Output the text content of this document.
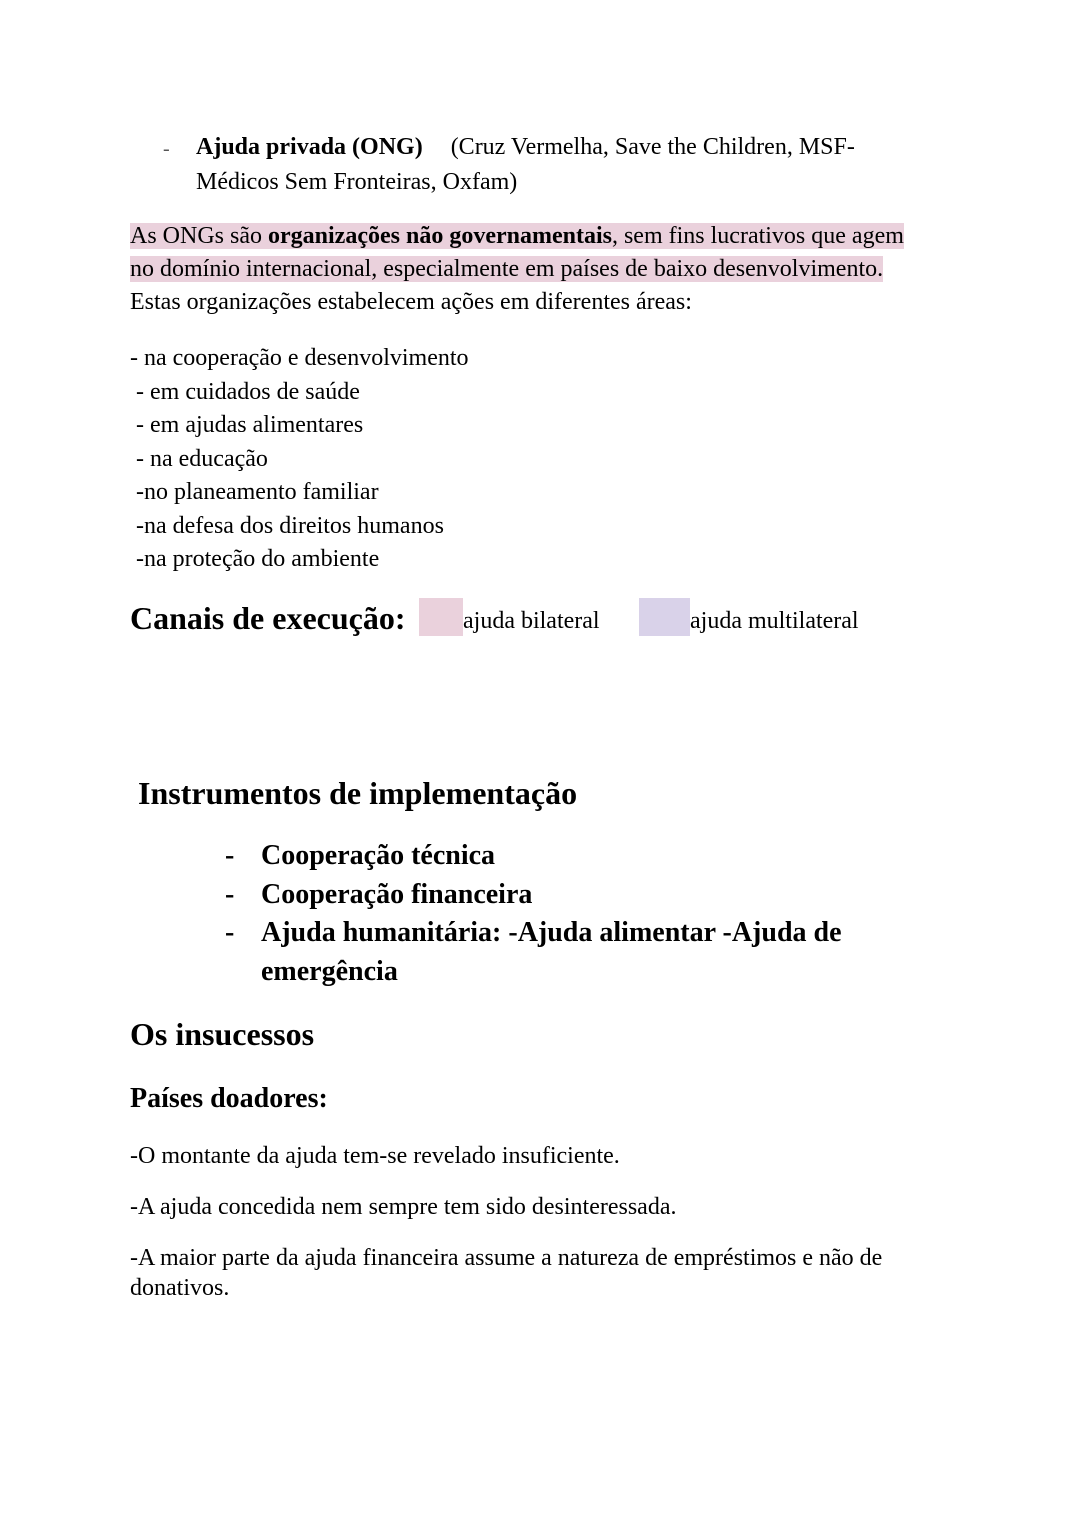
- Ajuda privada (ONG) (Cruz Vermelha, Save the Children, MSF-
Médicos Sem Fronteiras, Oxfam)
As ONGs são organizações não governamentais, sem fins lucrativos que agem
no domínio internacional, especialmente em países de baixo desenvolvimento.
Estas organizações estabelecem ações em diferentes áreas:
- na cooperação e desenvolvimento
- em cuidados de saúde
- em ajudas alimentares
- na educação
-no planeamento familiar
-na defesa dos direitos humanos
-na proteção do ambiente
Canais de execução: ajuda bilateral	ajuda multilateral
Instrumentos de implementação
- Cooperação técnica
- Cooperação financeira
- Ajuda humanitária: -Ajuda alimentar -Ajuda de
emergência
Os insucessos
Países doadores:
-O montante da ajuda tem-se revelado insuficiente.
-A ajuda concedida nem sempre tem sido desinteressada.
-A maior parte da ajuda financeira assume a natureza de empréstimos e não de donativos.
